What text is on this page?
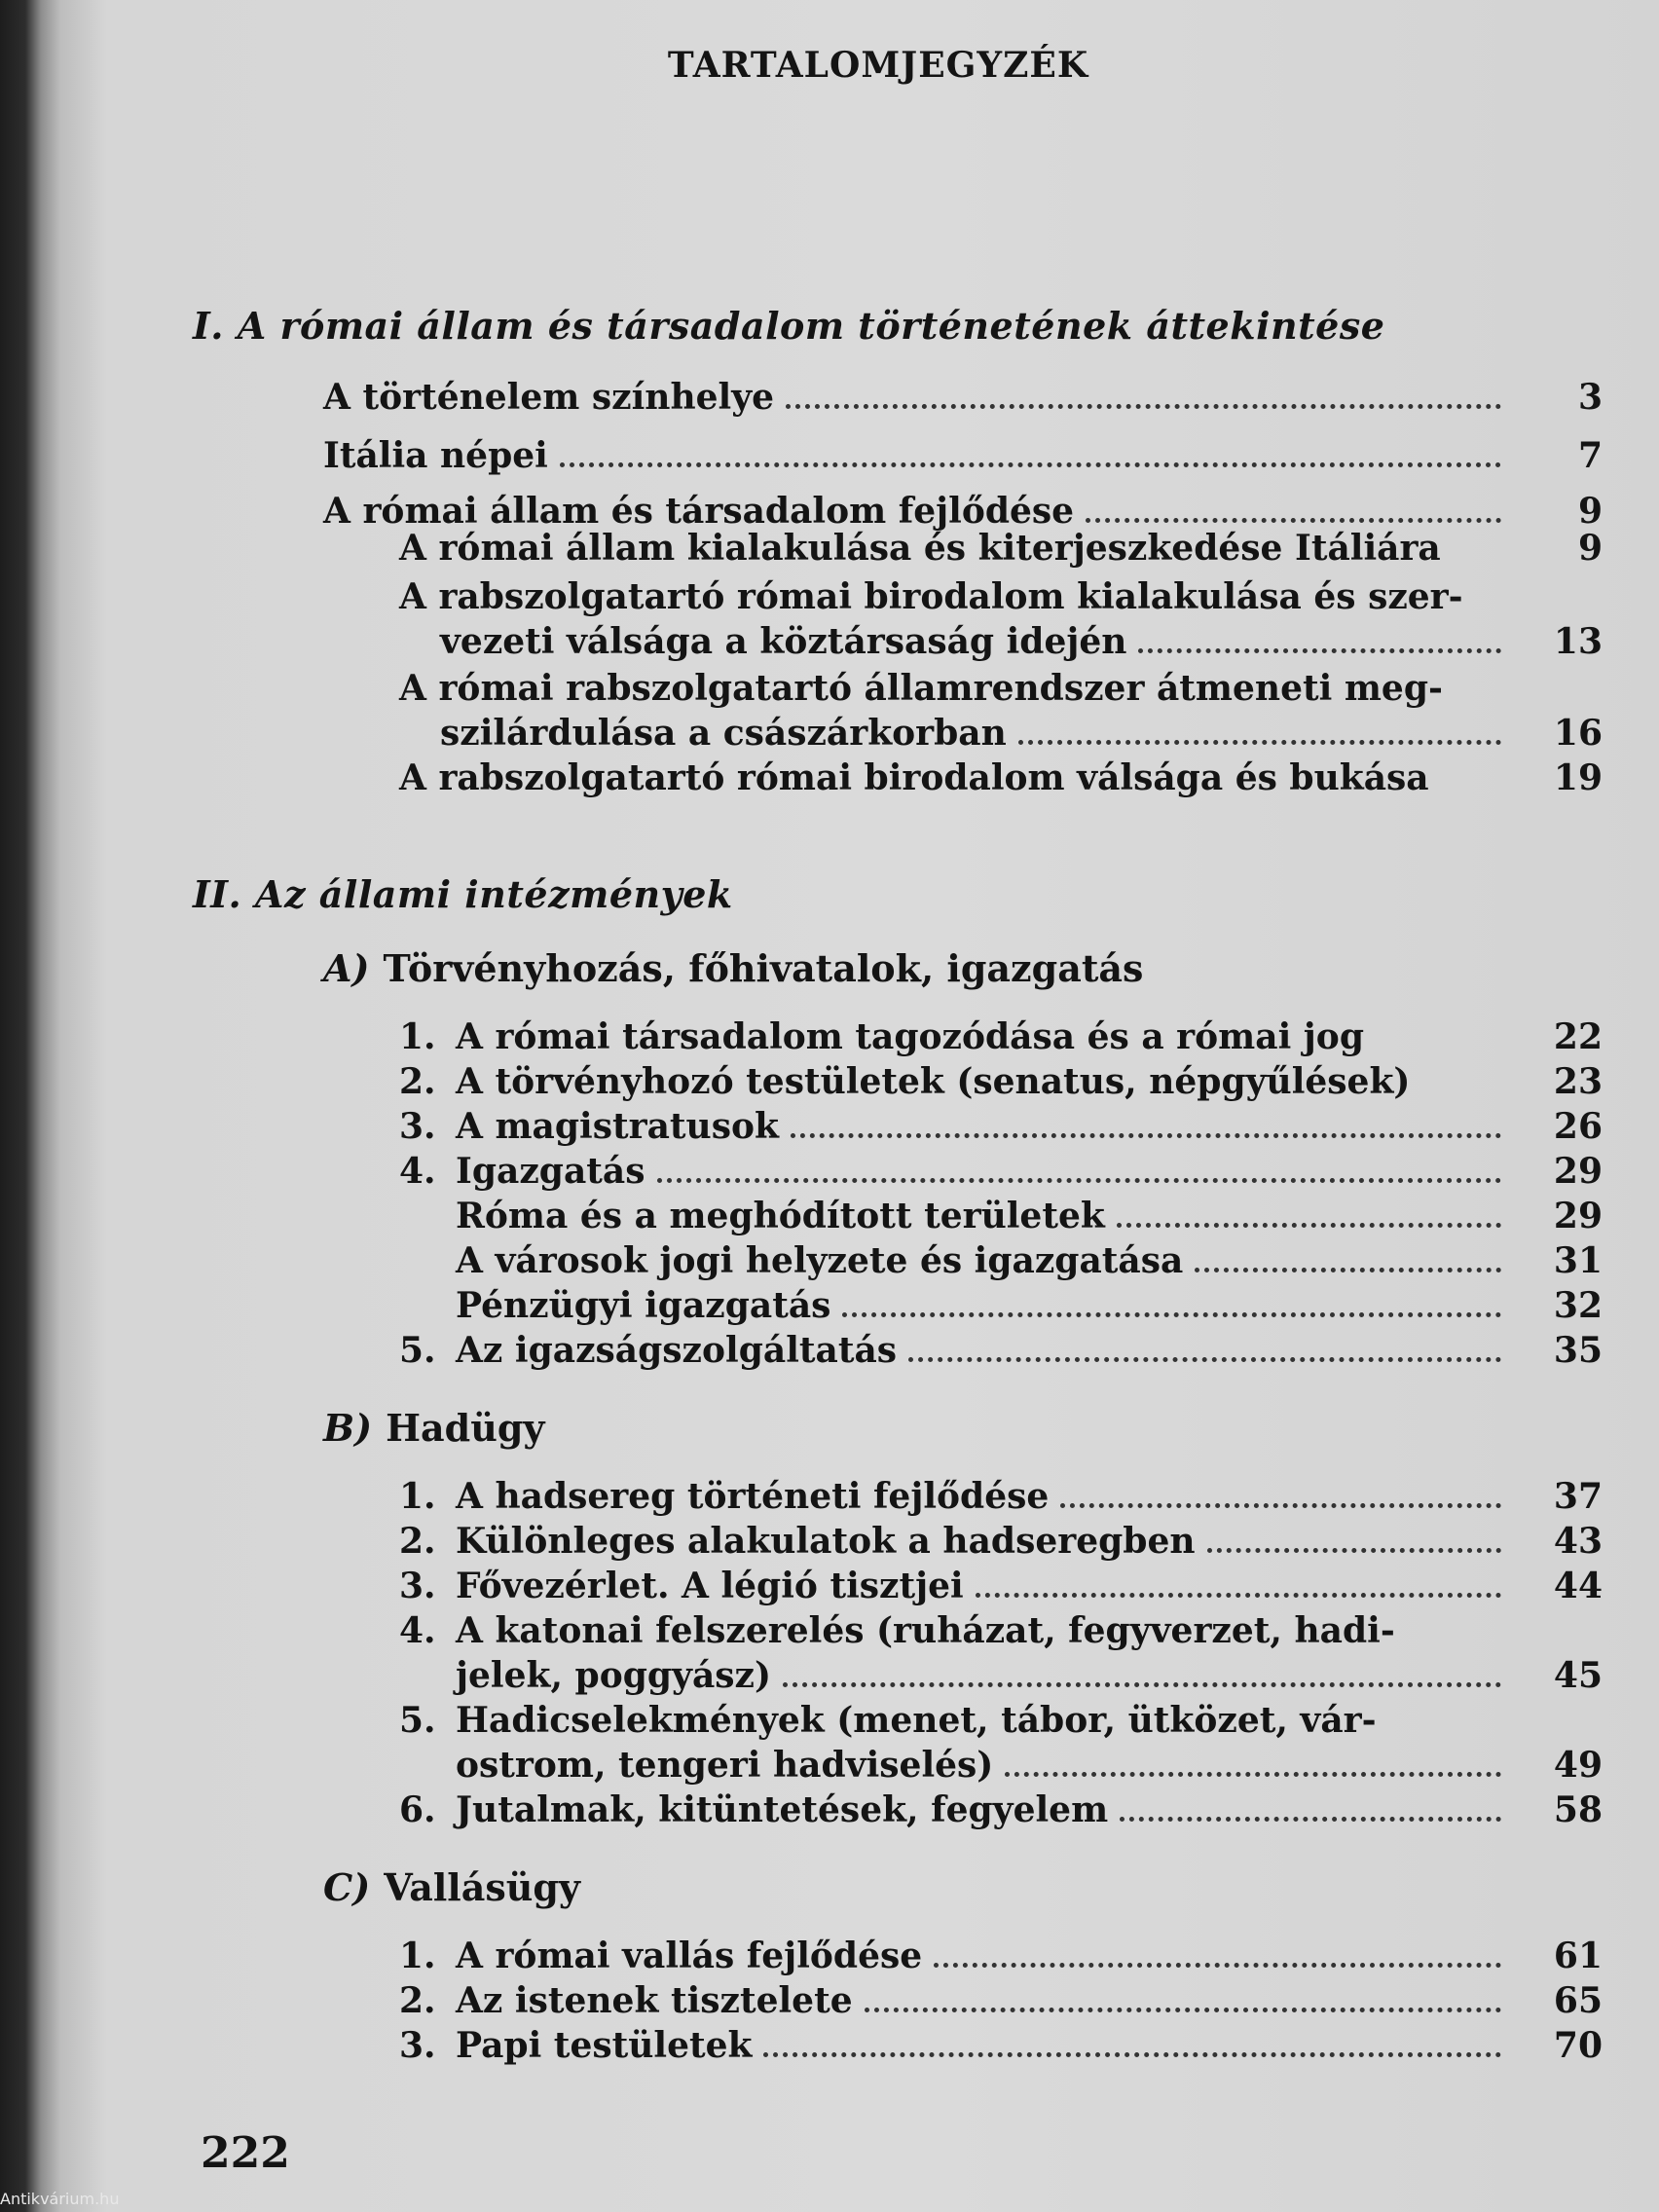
TARTALOMJEGYZÉK
I. A római állam és társadalom történetének áttekintése
A történelem színhelye	3
Itália népei	7
A római állam és társadalom fejlődése	9
A római állam kialakulása és kiterjeszkedése Itáliára	9
A rabszolgatartó római birodalom kialakulása és szer-
vezeti válsága a köztársaság idején	13
A római rabszolgatartó államrendszer átmeneti meg-
szilárdulása a császárkorban	16
A rabszolgatartó római birodalom válsága és bukása	19
II. Az állami intézmények
A) Törvényhozás, főhivatalok, igazgatás
1. A római társadalom tagozódása és a római jog	22
2. A törvényhozó testületek (senatus, népgyűlések)	23
3. A magistratusok	26
4. Igazgatás	29
Róma és a meghódított területek	29
A városok jogi helyzete és igazgatása	31
Pénzügyi igazgatás	32
5. Az igazságszolgáltatás	35
B) Hadügy
1. A hadsereg történeti fejlődése	37
2. Különleges alakulatok a hadseregben	43
3. Fővezérlet. A légió tisztjei	44
4. A katonai felszerelés (ruházat, fegyverzet, hadi-
jelek, poggyász)	45
5. Hadicselekmények (menet, tábor, ütközet, vár-
ostrom, tengeri hadviselés)	49
6. Jutalmak, kitüntetések, fegyelem	58
C) Vallásügy
1. A római vallás fejlődése	61
2. Az istenek tisztelete	65
3. Papi testületek	70
222
Antikvárium.hu
